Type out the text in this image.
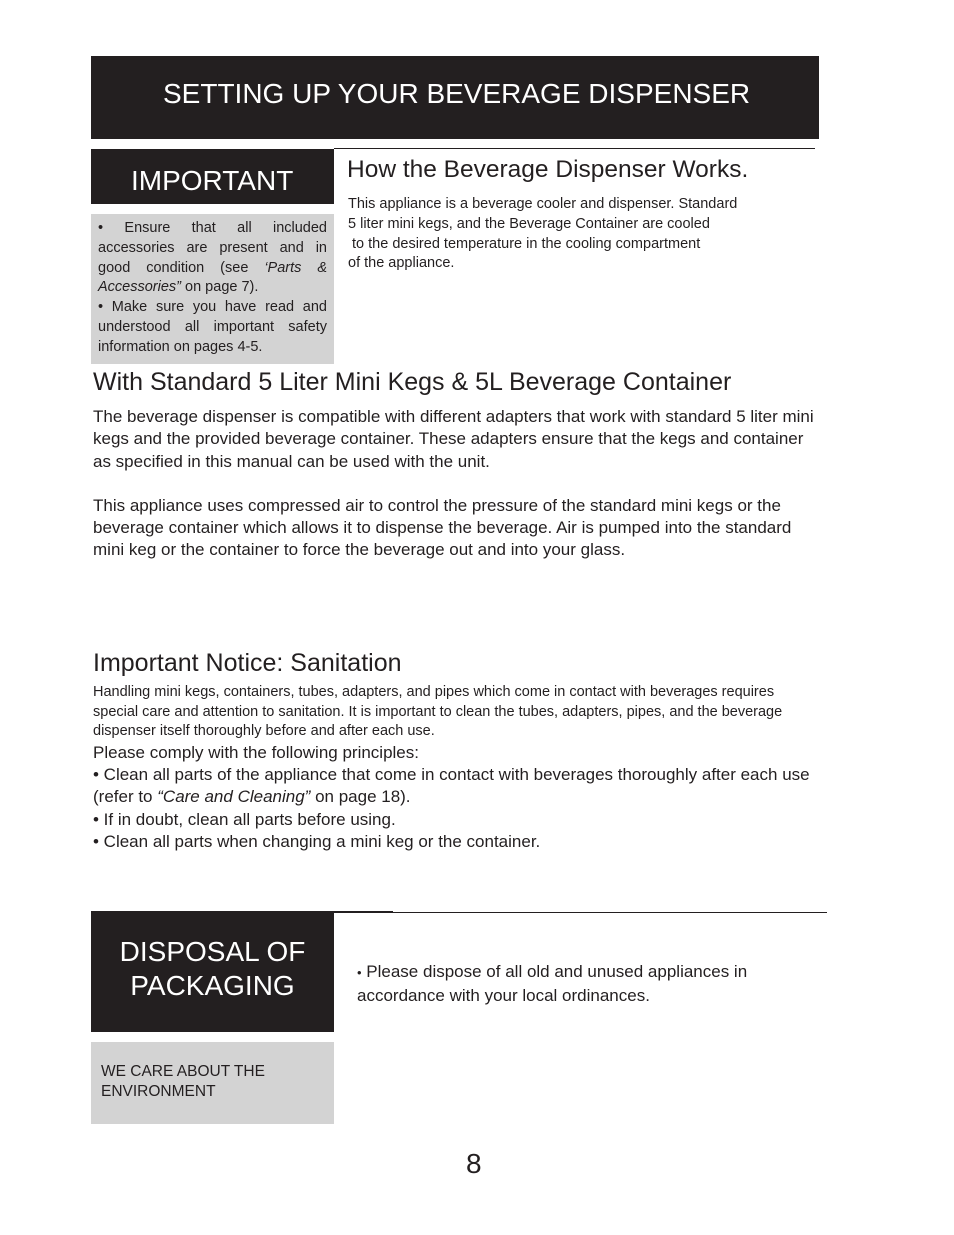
SETTING UP YOUR BEVERAGE DISPENSER
IMPORTANT
• Ensure that all included accessories are present and in good condition (see ‘Parts & Accessories” on page 7).
• Make sure you have read and understood all important safety information on pages 4-5.
How the Beverage Dispenser Works.
This appliance is a beverage cooler and dispenser. Standard
5 liter mini kegs, and the Beverage Container are cooled
to the desired temperature in the cooling compartment
of the appliance.
With Standard 5 Liter Mini Kegs & 5L Beverage Container

The beverage dispenser is compatible with different adapters that work with standard 5 liter mini kegs and the provided beverage container. These adapters ensure that the kegs and container as specified in this manual can be used with the unit.

This appliance uses compressed air to control the pressure of the standard mini kegs or the beverage container which allows it to dispense the beverage. Air is pumped into the standard mini keg or the container to force the beverage out and into your glass.

Important Notice: Sanitation
Handling mini kegs, containers, tubes, adapters, and pipes which come in contact with beverages requires special care and attention to sanitation. It is important to clean the tubes, adapters, pipes, and the beverage dispenser itself thoroughly before and after each use.
Please comply with the following principles:
• Clean all parts of the appliance that come in contact with beverages thoroughly after each use (refer to “Care and Cleaning” on page 18).
• If in doubt, clean all parts before using.
• Clean all parts when changing a mini keg or the container.
DISPOSAL OF PACKAGING	• Please dispose of all old and unused appliances in accordance with your local ordinances.
WE CARE ABOUT THE ENVIRONMENT
8
